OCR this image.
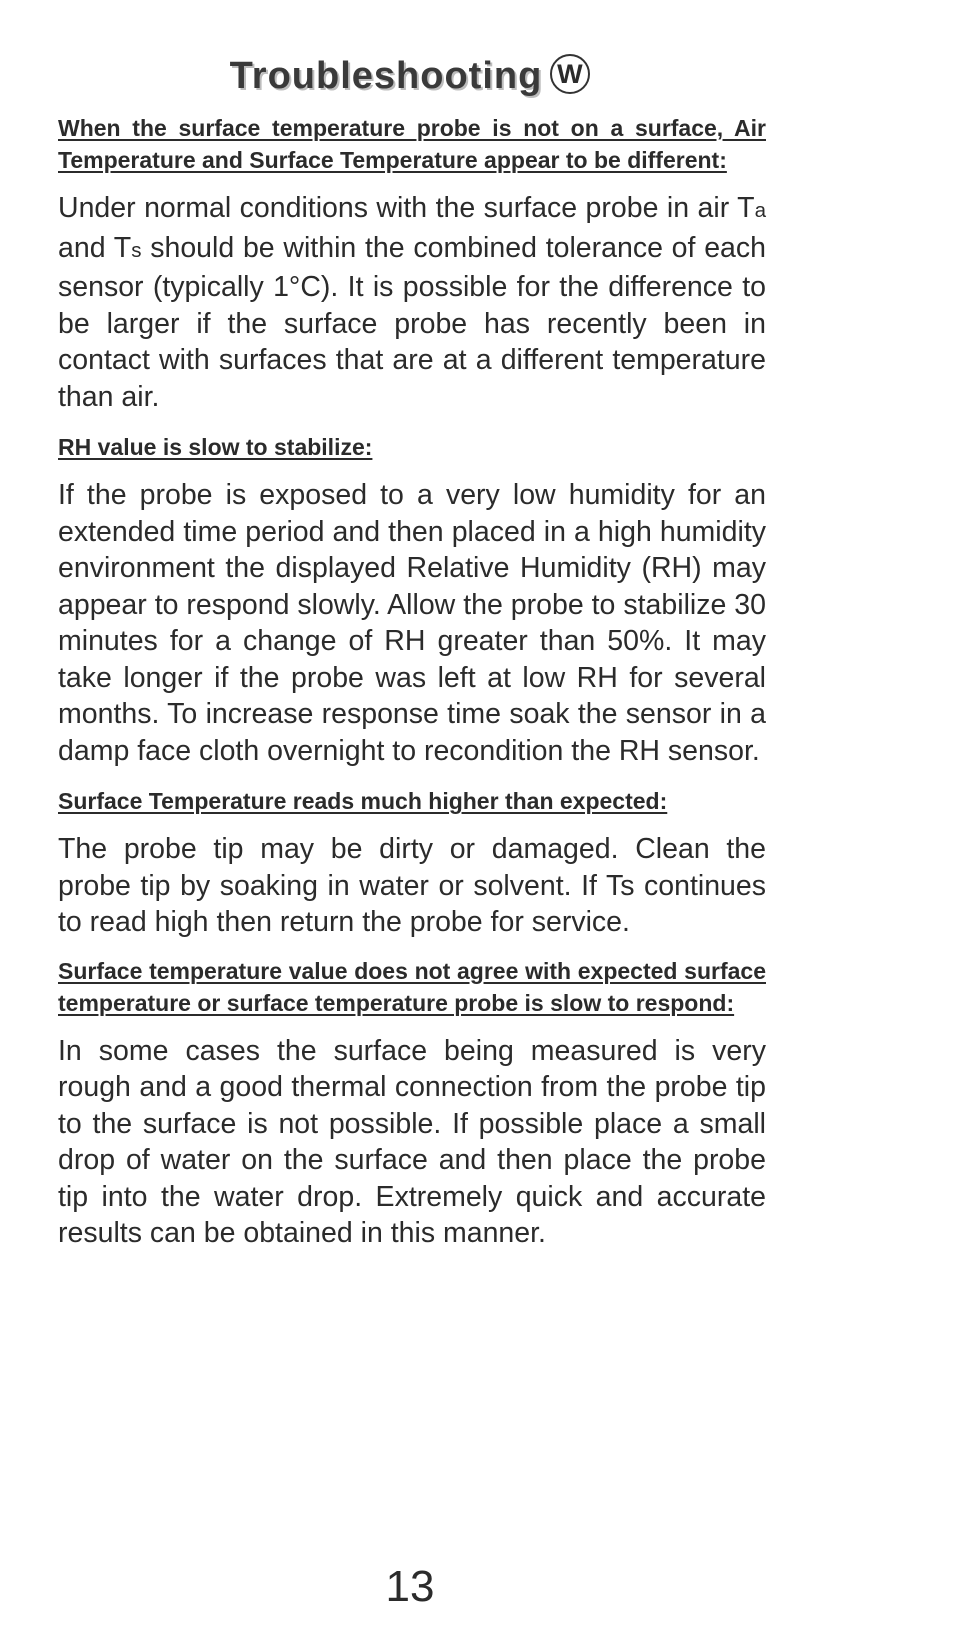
Troubleshooting W
When the surface temperature probe is not on a surface, Air Temperature and Surface Temperature appear to be different:
Under normal conditions with the surface probe in air Ta and Ts should be within the combined tolerance of each sensor (typically 1°C). It is possible for the difference to be larger if the surface probe has recently been in contact with surfaces that are at a different temperature than air.
RH value is slow to stabilize:
If the probe is exposed to a very low humidity for an extended time period and then placed in a high humidity environment the displayed Relative Humidity (RH) may appear to respond slowly. Allow the probe to stabilize 30 minutes for a change of RH greater than 50%. It may take longer if the probe was left at low RH for several months. To increase response time soak the sensor in a damp face cloth overnight to recondition the RH sensor.
Surface Temperature reads much higher than expected:
The probe tip may be dirty or damaged. Clean the probe tip by soaking in water or solvent. If Ts continues to read high then return the probe for service.
Surface temperature value does not agree with expected surface temperature or surface temperature probe is slow to respond:
In some cases the surface being measured is very rough and a good thermal connection from the probe tip to the surface is not possible. If possible place a small drop of water on the surface and then place the probe tip into the water drop. Extremely quick and accurate results can be obtained in this manner.
13
